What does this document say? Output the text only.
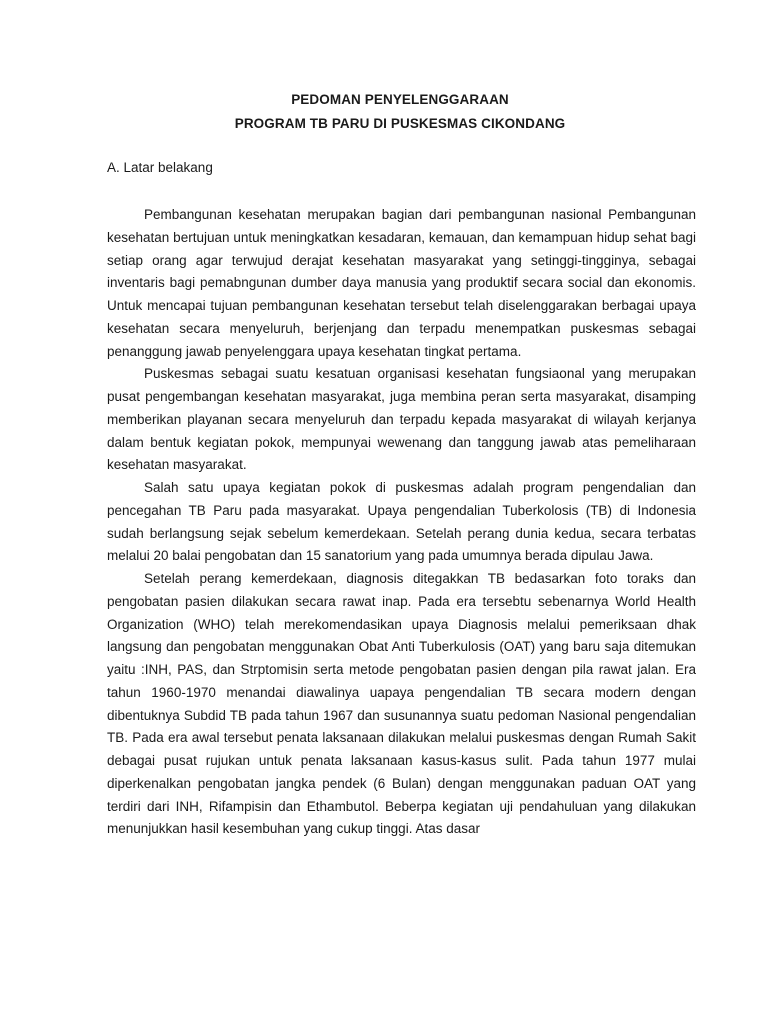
PEDOMAN PENYELENGGARAAN
PROGRAM TB PARU DI PUSKESMAS CIKONDANG
A. Latar belakang

Pembangunan kesehatan merupakan bagian dari pembangunan nasional Pembangunan kesehatan bertujuan untuk meningkatkan kesadaran, kemauan, dan kemampuan hidup sehat bagi setiap orang agar terwujud derajat kesehatan masyarakat yang setinggi-tingginya, sebagai inventaris bagi pemabngunan dumber daya manusia yang produktif secara social dan ekonomis. Untuk mencapai tujuan pembangunan kesehatan tersebut telah diselenggarakan berbagai upaya kesehatan secara menyeluruh, berjenjang dan terpadu menempatkan puskesmas sebagai penanggung jawab penyelenggara upaya kesehatan tingkat pertama.

Puskesmas sebagai suatu kesatuan organisasi kesehatan fungsiaonal yang merupakan pusat pengembangan kesehatan masyarakat, juga membina peran serta masyarakat, disamping memberikan playanan secara menyeluruh dan terpadu kepada masyarakat di wilayah kerjanya dalam bentuk kegiatan pokok, mempunyai wewenang dan tanggung jawab atas pemeliharaan kesehatan masyarakat.

Salah satu upaya kegiatan pokok di puskesmas adalah program pengendalian dan pencegahan TB Paru pada masyarakat. Upaya pengendalian Tuberkolosis (TB) di Indonesia sudah berlangsung sejak sebelum kemerdekaan. Setelah perang dunia kedua, secara terbatas melalui 20 balai pengobatan dan 15 sanatorium yang pada umumnya berada dipulau Jawa.

Setelah perang kemerdekaan, diagnosis ditegakkan TB bedasarkan foto toraks dan pengobatan pasien dilakukan secara rawat inap. Pada era tersebtu sebenarnya World Health Organization (WHO) telah merekomendasikan upaya Diagnosis melalui pemeriksaan dhak langsung dan pengobatan menggunakan Obat Anti Tuberkulosis (OAT) yang baru saja ditemukan yaitu :INH, PAS, dan Strptomisin serta metode pengobatan pasien dengan pila rawat jalan. Era tahun 1960-1970 menandai diawalinya uapaya pengendalian TB secara modern dengan dibentuknya Subdid TB pada tahun 1967 dan susunannya suatu pedoman Nasional pengendalian TB. Pada era awal tersebut penata laksanaan dilakukan melalui puskesmas dengan Rumah Sakit debagai pusat rujukan untuk penata laksanaan kasus-kasus sulit. Pada tahun 1977 mulai diperkenalkan pengobatan jangka pendek (6 Bulan) dengan menggunakan paduan OAT yang terdiri dari INH, Rifampisin dan Ethambutol. Beberpa kegiatan uji pendahuluan yang dilakukan menunjukkan hasil kesembuhan yang cukup tinggi. Atas dasar
